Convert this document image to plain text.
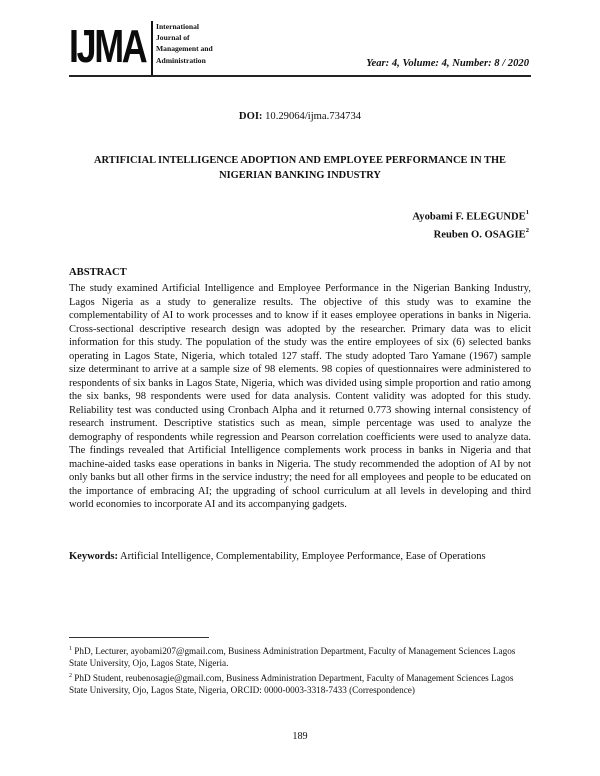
IJMA International
Journal of
Management and
Administration	Year: 4, Volume: 4, Number: 8 / 2020
DOI: 10.29064/ijma.734734
ARTIFICIAL INTELLIGENCE ADOPTION AND EMPLOYEE PERFORMANCE IN THE NIGERIAN BANKING INDUSTRY
Ayobami F. ELEGUNDE$^1$
Reuben O. OSAGIE$^2$
ABSTRACT
The study examined Artificial Intelligence and Employee Performance in the Nigerian Banking Industry, Lagos Nigeria as a study to generalize results. The objective of this study was to examine the complementability of AI to work processes and to know if it eases employee operations in banks in Nigeria. Cross-sectional descriptive research design was adopted by the researcher. Primary data was to elicit information for this study. The population of the study was the entire employees of six (6) selected banks operating in Lagos State, Nigeria, which totaled 127 staff. The study adopted Taro Yamane (1967) sample size determinant to arrive at a sample size of 98 elements. 98 copies of questionnaires were administered to respondents of six banks in Lagos State, Nigeria, which was divided using simple proportion and ratio among the six banks, 98 respondents were used for data analysis. Content validity was adopted for this study. Reliability test was conducted using Cronbach Alpha and it returned 0.773 showing internal consistency of research instrument. Descriptive statistics such as mean, simple percentage was used to analyze the demography of respondents while regression and Pearson correlation coefficients were used to analyze data. The findings revealed that Artificial Intelligence complements work process in banks in Nigeria and that machine-aided tasks ease operations in banks in Nigeria. The study recommended the adoption of AI by not only banks but all other firms in the service industry; the need for all employees and people to be educated on the importance of embracing AI; the upgrading of school curriculum at all levels in developing and third world economies to incorporate AI and its accompanying gadgets.
Keywords: Artificial Intelligence, Complementability, Employee Performance, Ease of Operations
$^1$ PhD, Lecturer, ayobami207@gmail.com, Business Administration Department, Faculty of Management Sciences Lagos State University, Ojo, Lagos State, Nigeria.
$^2$ PhD Student, reubenosagie@gmail.com, Business Administration Department, Faculty of Management Sciences Lagos State University, Ojo, Lagos State, Nigeria, ORCID: 0000-0003-3318-7433 (Correspondence)
189
